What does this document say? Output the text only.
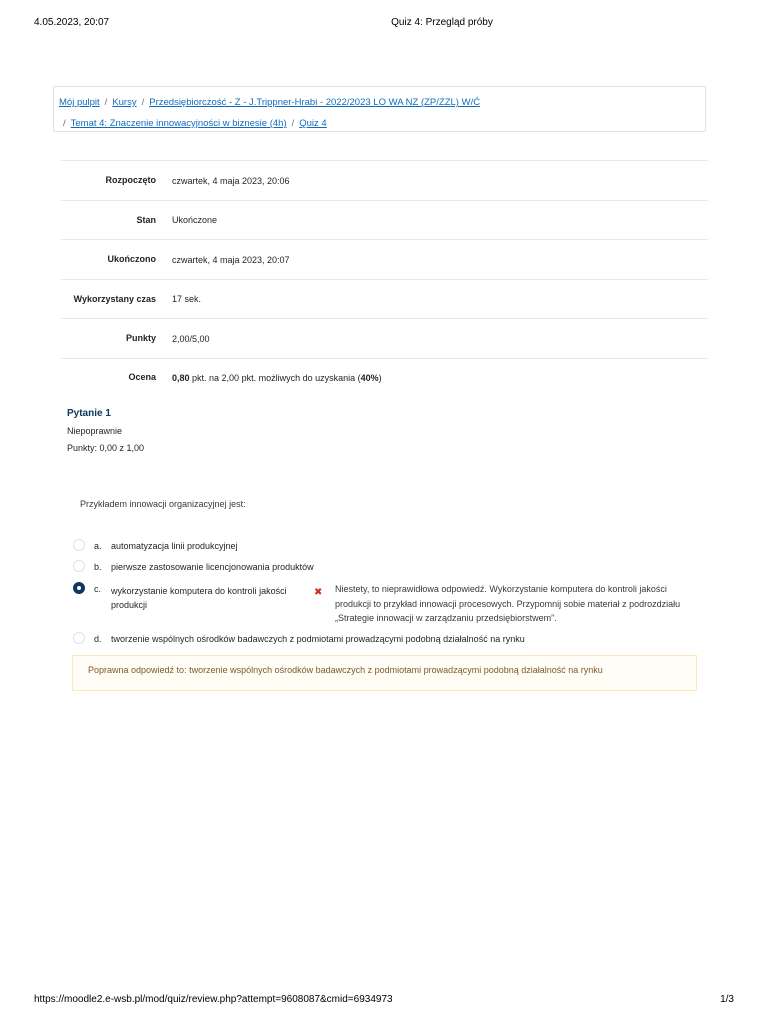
4.05.2023, 20:07	Quiz 4: Przegląd próby
Mój pulpit / Kursy / Przedsiębiorczość - Z - J.Trippner-Hrabi - 2022/2023 LO WA NZ (ZP/ZZL) W/Ć
/ Temat 4: Znaczenie innowacyjności w biznesie (4h) / Quiz 4
Rozpoczęto	czwartek, 4 maja 2023, 20:06
Stan	Ukończone
Ukończono	czwartek, 4 maja 2023, 20:07
Wykorzystany czas	17 sek.
Punkty	2,00/5,00
Ocena	0,80 pkt. na 2,00 pkt. możliwych do uzyskania (40%)
Pytanie 1
Niepoprawnie
Punkty: 0,00 z 1,00
Przykładem innowacji organizacyjnej jest:
a. automatyzacja linii produkcyjnej
b. pierwsze zastosowanie licencjonowania produktów
c. wykorzystanie komputera do kontroli jakości produkcji
✖ Niestety, to nieprawidłowa odpowiedź. Wykorzystanie komputera do kontroli jakości produkcji to przykład innowacji procesowych. Przypomnij sobie materiał z podrozdziału „Strategie innowacji w zarządzaniu przedsiębiorstwem”.
d. tworzenie wspólnych ośrodków badawczych z podmiotami prowadzącymi podobną działalność na rynku
Poprawna odpowiedź to: tworzenie wspólnych ośrodków badawczych z podmiotami prowadzącymi podobną działalność na rynku
https://moodle2.e-wsb.pl/mod/quiz/review.php?attempt=9608087&cmid=6934973	1/3
